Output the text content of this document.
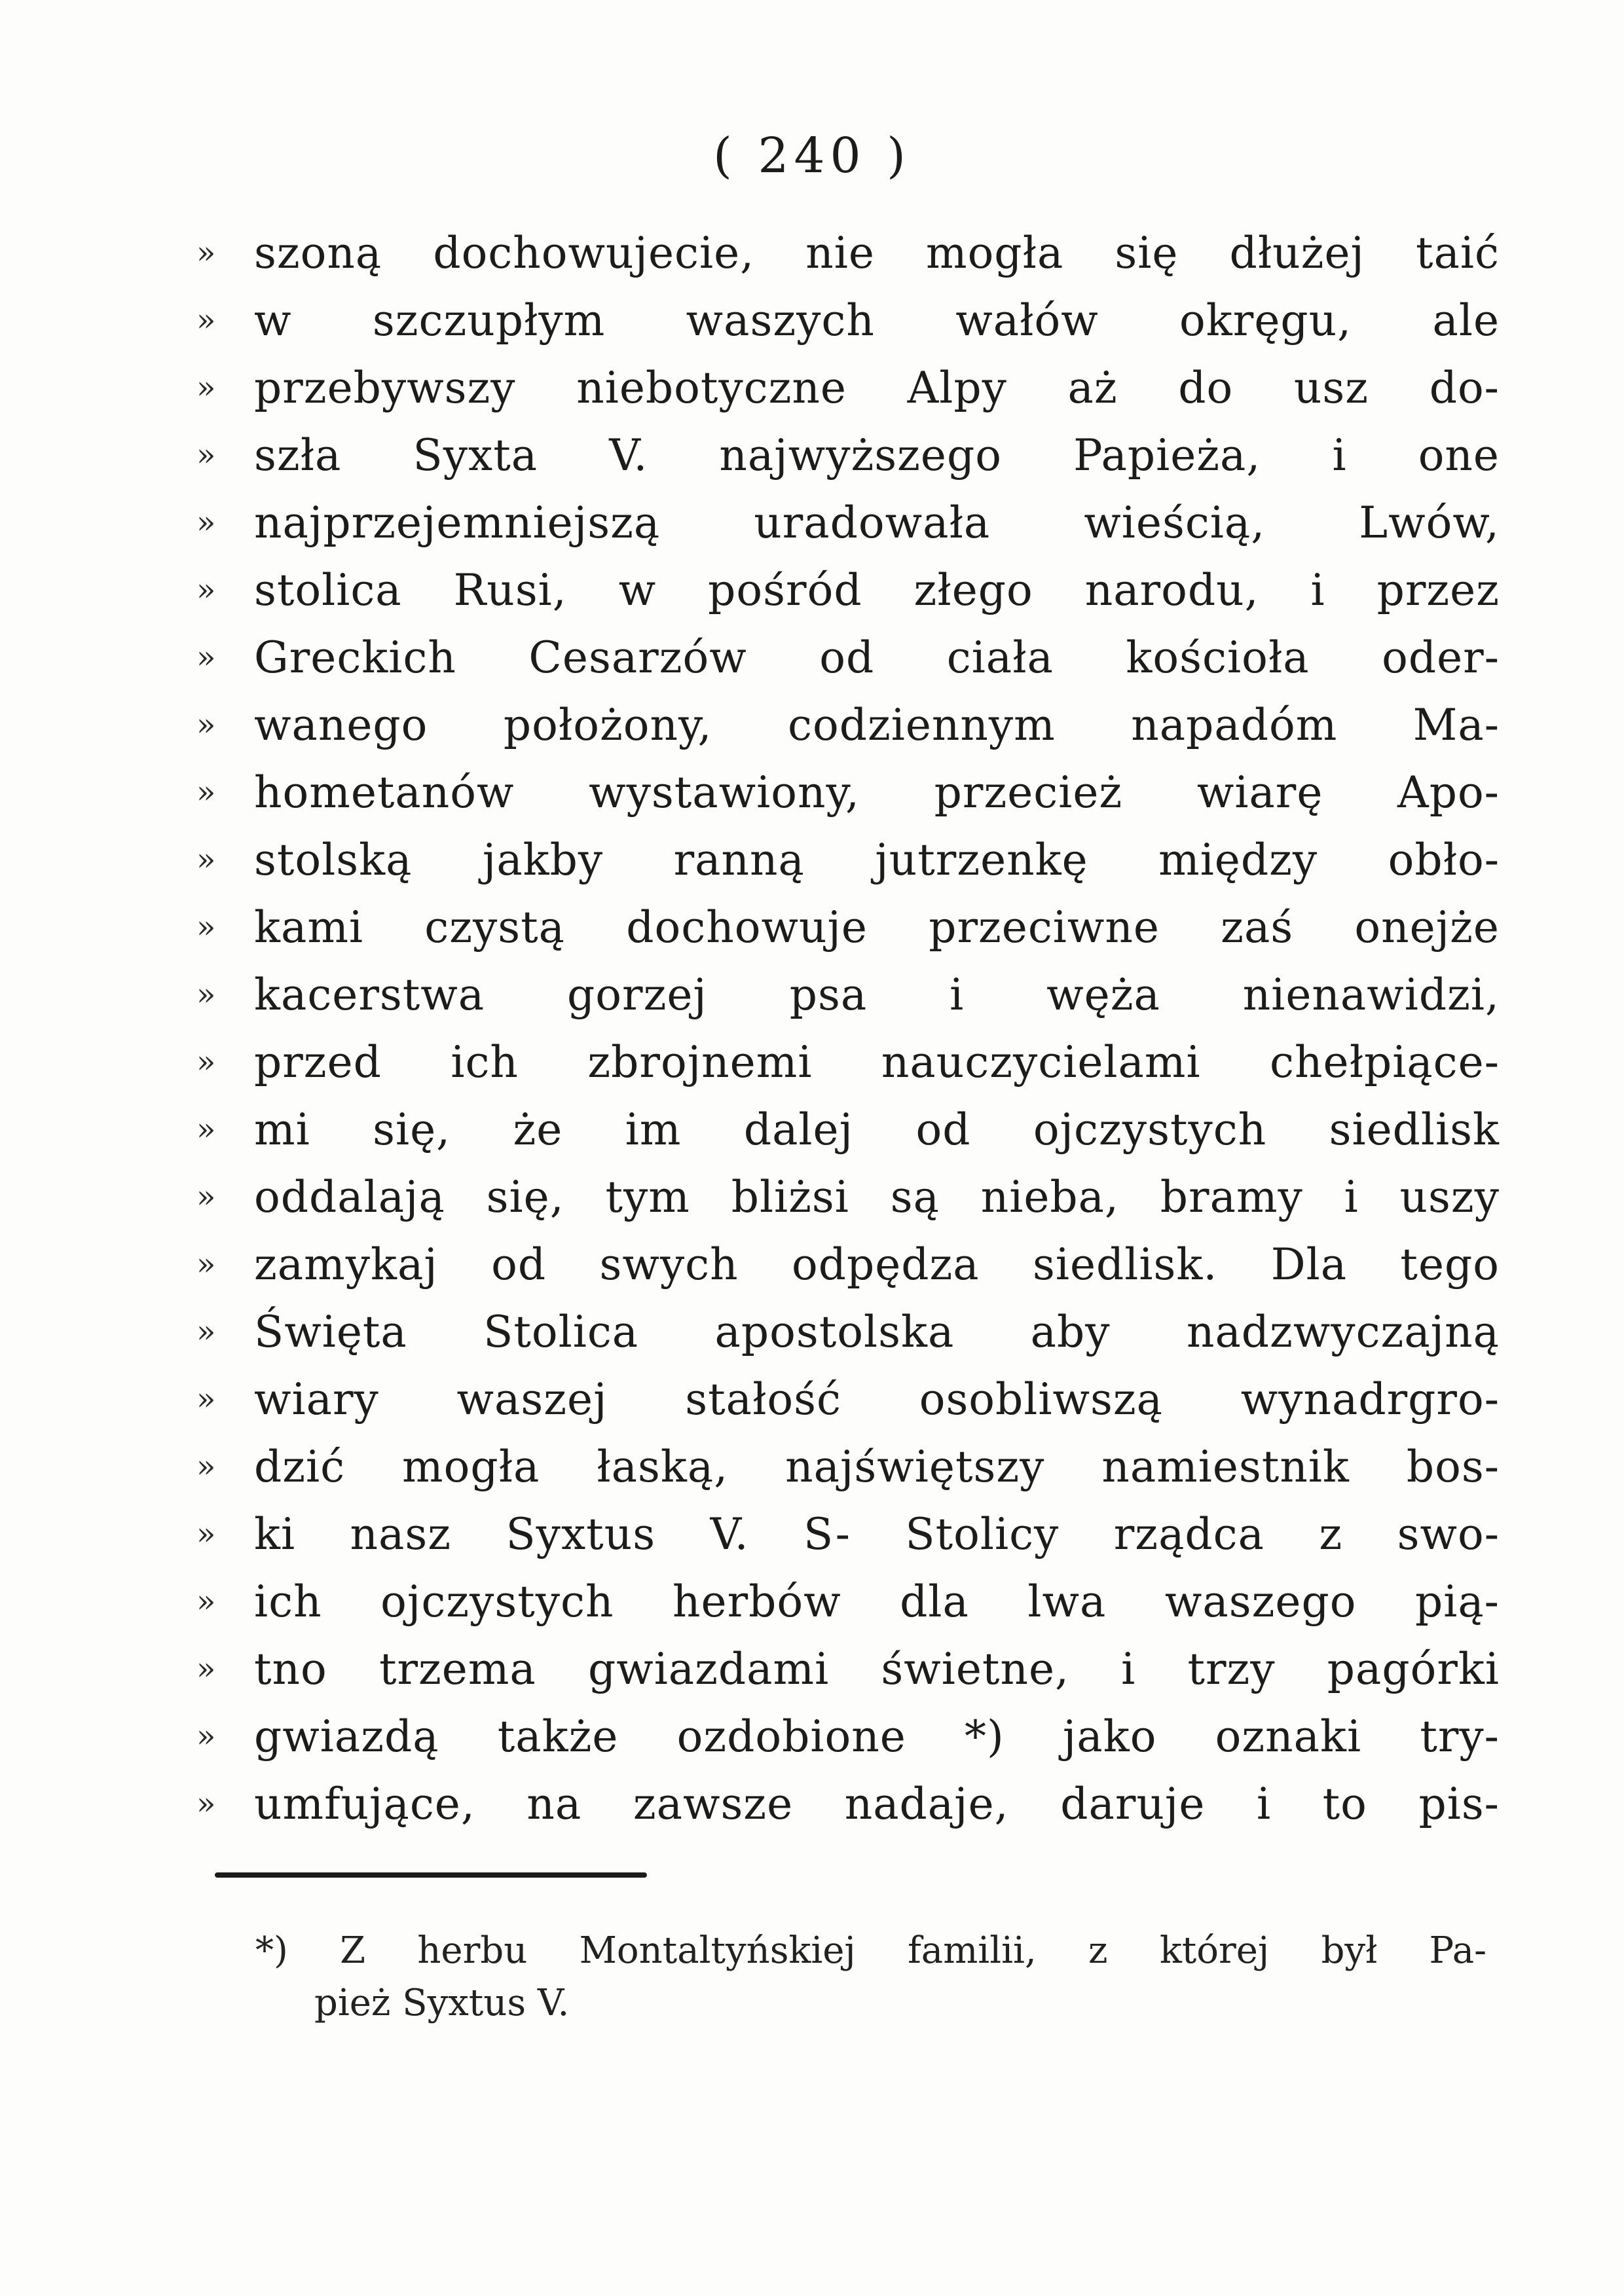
( 240 )
» szoną dochowujecie, nie mogła się dłużej taić
» w szczupłym waszych wałów okręgu, ale
» przebywszy niebotyczne Alpy aż do usz do-
» szła Syxta V. najwyższego Papieża, i one
» najprzejemniejszą uradowała wieścią, Lwów,
» stolica Rusi, w pośród złego narodu, i przez
» Greckich Cesarzów od ciała kościoła oder-
» wanego położony, codziennym napadóm Ma-
» hometanów wystawiony, przecież wiarę Apo-
» stolską jakby ranną jutrzenkę między obło-
» kami czystą dochowuje przeciwne zaś onejże
» kacerstwa gorzej psa i węża nienawidzi,
» przed ich zbrojnemi nauczycielami chełpiące-
» mi się, że im dalej od ojczystych siedlisk
» oddalają się, tym bliżsi są nieba, bramy i uszy
» zamykaj od swych odpędza siedlisk. Dla tego
» Święta Stolica apostolska aby nadzwyczajną
» wiary waszej stałość osobliwszą wynadrgro-
» dzić mogła łaską, najświętszy namiestnik bos-
» ki nasz Syxtus V. S- Stolicy rządca z swo-
» ich ojczystych herbów dla lwa waszego pią-
» tno trzema gwiazdami świetne, i trzy pagórki
» gwiazdą także ozdobione *) jako oznaki try-
» umfujące, na zawsze nadaje, daruje i to pis-
*) Z herbu Montaltyńskiej familii, z której był Pa-
pież Syxtus V.
